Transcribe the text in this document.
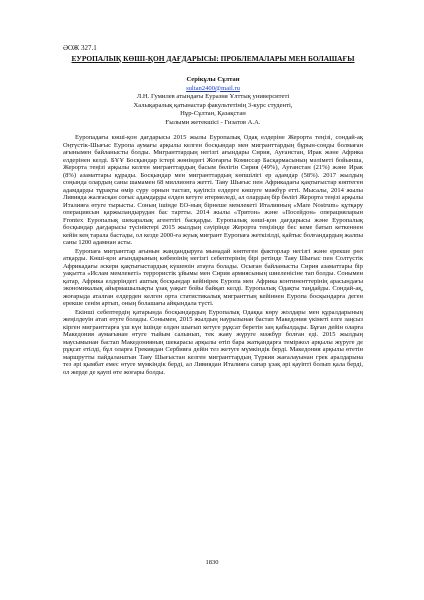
ӘОЖ 327.1
ЕУРОПАЛЫҚ КӨШІ-ҚОН ДАҒДАРЫСЫ: ПРОБЛЕМАЛАРЫ МЕН БОЛАШАҒЫ
Серікұлы Сұлтан
sultan2400@mail.ru
Л.Н. Гумилев атындағы Еуразия Ұлттық университеті
Халықаралық қатынастар факультетінің 3-курс студенті,
Нұр-Сұлтан, Қазақстан
Ғылыми жетекшісі - Гизатов А.А.

Еуропадағы көші-қон дағдарысы 2015 жылы Еуропалық Одақ елдеріне Жерорта теңізі, сондай-ақ Оңтүстік-Шығыс Еуропа аумағы арқылы келген босқындар мен мигранттардың бұрын-соңды болмаған ағынымен байланысты болды. Мигранттардың негізгі ағындары Сирия, Ауғанстан, Ирак және Африка елдерінен келді. БҰҰ Босқындар істері жөніндегі Жоғарғы Комиссар Басқармасының мәліметі бойынша, Жерорта теңізі арқылы келген мигранттардың басым бөлігін Сирия (49%), Ауғанстан (21%) және Ирак (8%) азаматтары құрады. Босқындар мен мигранттардың көпшілігі ер адамдар (58%). 2017 жылдың соңында олардың саны шамамен 68 миллионға жетті. Таяу Шығыс пен Африкадағы қақтығыстар көптеген адамдарды тұрақты өмір сүру орнын тастап, қауіпсіз елдерге көшуге мәжбүр етті. Мысалы, 2014 жылы Ливияда жалғасқан соғыс адамдарды елден кетуге итермеледі, ал олардың бір бөлігі Жерорта теңізі арқылы Италияға өтуге тырысты. Соның ішінде ЕО-ның бірнеше мемлекеті Италияның «Mare Nostrum» құтқару операциясын қаржыландырудан бас тартты. 2014 жылы «Тритон» және «Посейдон» операцияларын Frontex Еуропалық шекаралық агенттігі басқарды. Еуропалық көші-қон дағдарысы және Еуропалық босқындар дағдарысы түсініктері 2015 жылдың сәуірінде Жерорта теңізінде бес кеме батып кеткеннен кейін кең тарала бастады, ол кезде 2000-ға жуық мигрант Еуропаға жеткізілді, қайтыс болғандардың жалпы саны 1200 адамнан асты.

Еуропаға мигранттар ағынын жандандыруға мынадай көптеген факторлар негізгі және ерекше рөл атқарды. Көші-қон ағындарының көбеюінің негізгі себептерінің бірі ретінде Таяу Шығыс пен Солтүстік Африкадағы әскери қақтығыстардың күшеюін атауға болады. Осыған байланысты Сирия азаматтары бір уақытта «Ислам мемлекеті» террористік ұйымы мен Сирия армиясының шиеленісіне тап болды. Сонымен қатар, Африка елдеріндегі аштық босқындар кейінірек Еуропа мен Африка континенттерінің арасындағы экономикалық айырмашылықты ұзақ уақыт бойы байқап келді. Еуропалық Одақты таңдайды. Сондай-ақ, жоғарыда аталған елдерден келген орта статистикалық мигранттың кейіннен Еуропа босқындарға деген ерекше сенім артып, оның болашағы айқындала түсті.

Екінші себептердің қатарында босқындардың Еуропалық Одаққа көру жолдары мен құралдарының жеңілдеуін атап өтуге болады. Сонымен, 2015 жылдың наурызынан бастап Македония үкіметі елге заңсыз кірген мигранттарға үш күн ішінде елден шығып кетуге рұқсат беретін заң қабылдады. Бұған дейін оларға Македония аумағынан өтуге тыйым салынып, тек жаяу жүруге мәжбүр болған еді. 2015 жылдың маусымынан бастап Македонияның шекарасы арқылы өтіп бара жатқандарға теміржол арқылы жүруге де рұқсат етілді, бұл оларға Грекиядан Сербияға дейін тез жетуге мүмкіндік берді. Македония арқылы өтетін маршрутты пайдаланатын Таяу Шығыстан келген мигранттардың Түркия жағалауынан грек аралдарына тез әрі қымбат емес өтуге мүмкіндік берді, ал Ливиядан Италияға сапар ұзақ әрі қауіпті болып қала берді, ол жерде де қаупі өте жоғары болды.

1830
